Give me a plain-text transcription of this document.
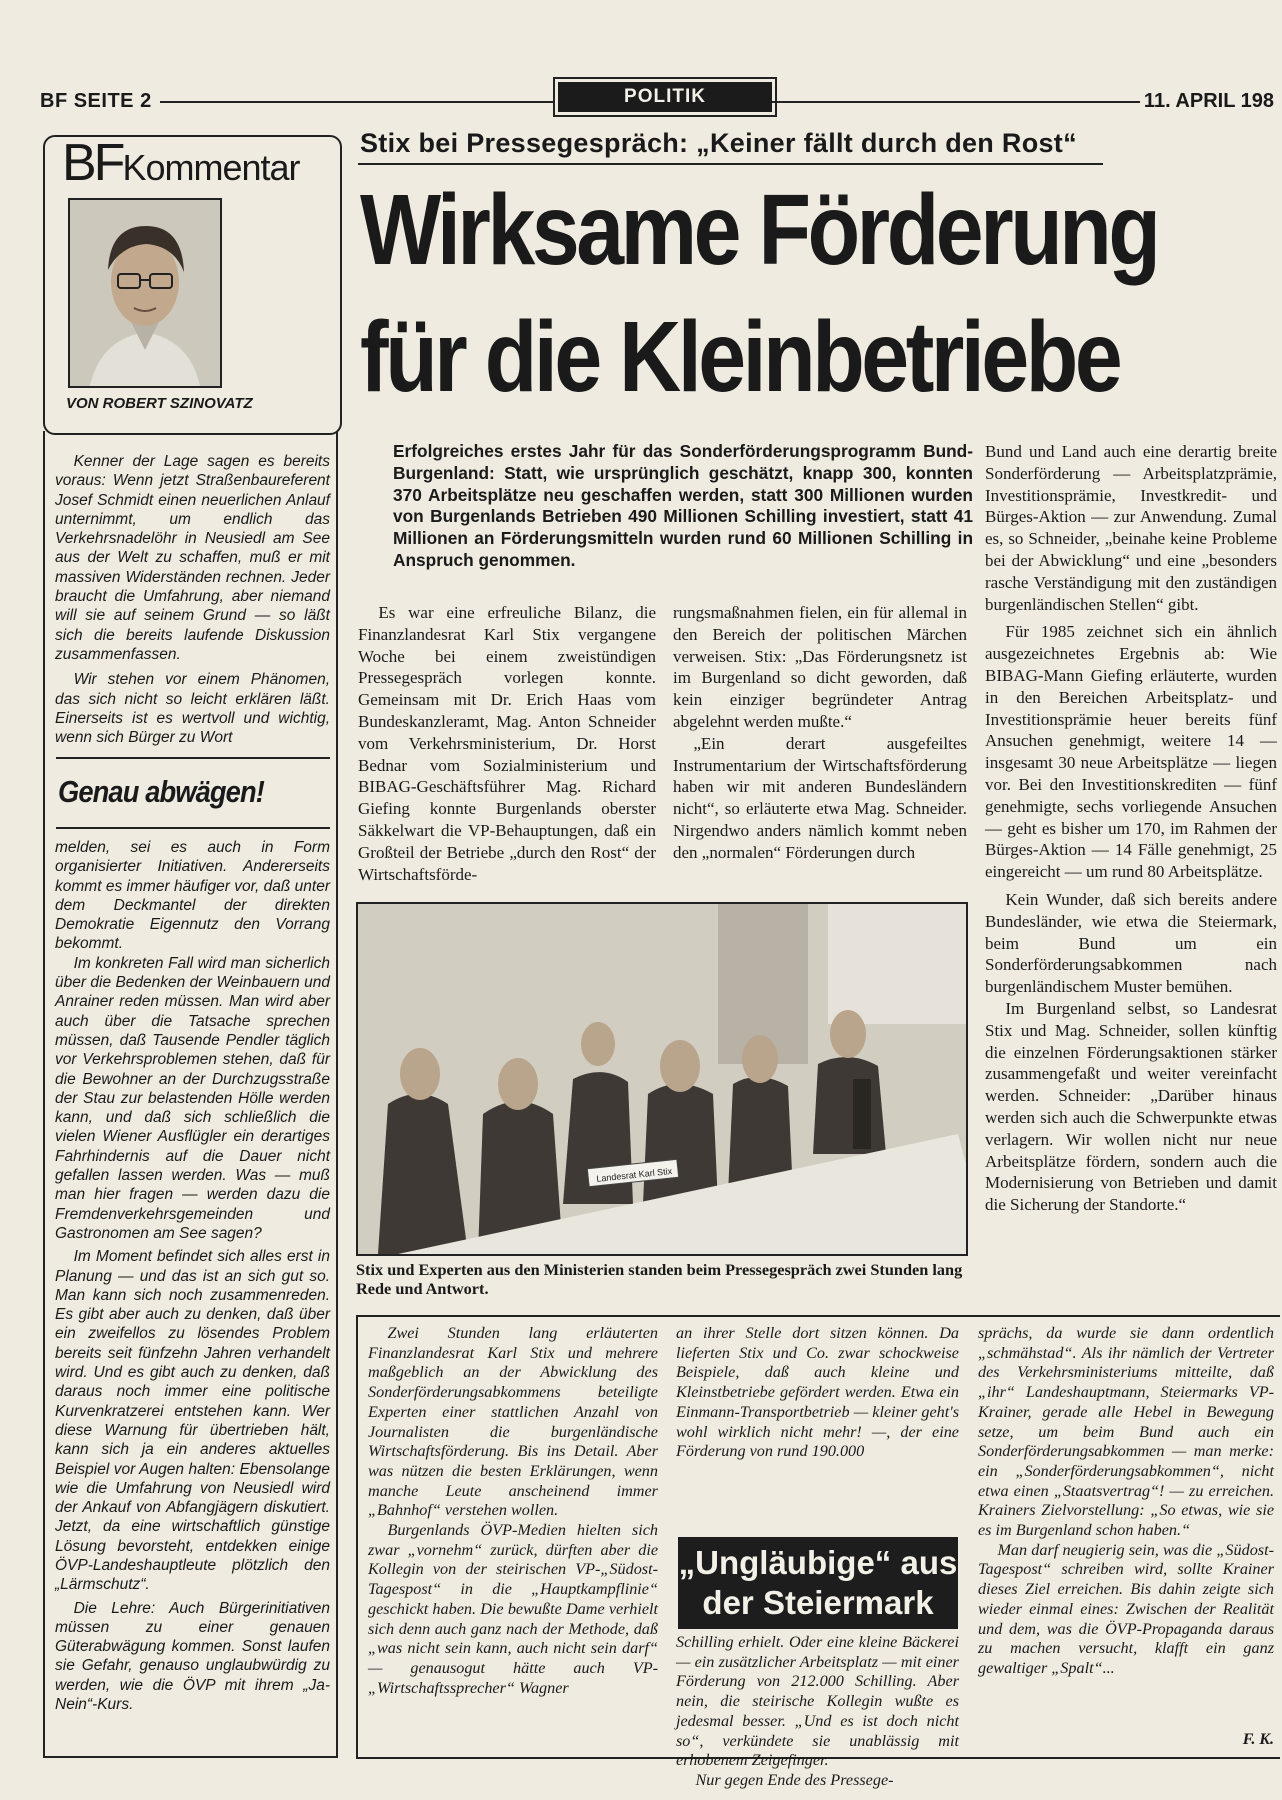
BF SEITE 2	POLITIK	11. APRIL 198
BFKommentar
VON ROBERT SZINOVATZ

Kenner der Lage sagen es bereits voraus: Wenn jetzt Straßenbaureferent Josef Schmidt einen neuerlichen Anlauf unternimmt, um endlich das Verkehrsnadelöhr in Neusiedl am See aus der Welt zu schaffen, muß er mit massiven Widerständen rechnen. Jeder braucht die Umfahrung, aber niemand will sie auf seinem Grund — so läßt sich die bereits laufende Diskussion zusammenfassen.

Wir stehen vor einem Phänomen, das sich nicht so leicht erklären läßt. Einerseits ist es wertvoll und wichtig, wenn sich Bürger zu Wort

Genau abwägen!

melden, sei es auch in Form organisierter Initiativen. Andererseits kommt es immer häufiger vor, daß unter dem Deckmantel der direkten Demokratie Eigennutz den Vorrang bekommt.

Im konkreten Fall wird man sicherlich über die Bedenken der Weinbauern und Anrainer reden müssen. Man wird aber auch über die Tatsache sprechen müssen, daß Tausende Pendler täglich vor Verkehrsproblemen stehen, daß für die Bewohner an der Durchzugsstraße der Stau zur belastenden Hölle werden kann, und daß sich schließlich die vielen Wiener Ausflügler ein derartiges Fahrhindernis auf die Dauer nicht gefallen lassen werden. Was — muß man hier fragen — werden dazu die Fremdenverkehrsgemeinden und Gastronomen am See sagen?

Im Moment befindet sich alles erst in Planung — und das ist an sich gut so. Man kann sich noch zusammenreden. Es gibt aber auch zu denken, daß über ein zweifellos zu lösendes Problem bereits seit fünfzehn Jahren verhandelt wird. Und es gibt auch zu denken, daß daraus noch immer eine politische Kurvenkratzerei entstehen kann. Wer diese Warnung für übertrieben hält, kann sich ja ein anderes aktuelles Beispiel vor Augen halten: Ebensolange wie die Umfahrung von Neusiedl wird der Ankauf von Abfangjägern diskutiert. Jetzt, da eine wirtschaftlich günstige Lösung bevorsteht, entdekken einige ÖVP-Landeshauptleute plötzlich den „Lärmschutz“.

Die Lehre: Auch Bürgerinitiativen müssen zu einer genauen Güterabwägung kommen. Sonst laufen sie Gefahr, genauso unglaubwürdig zu werden, wie die ÖVP mit ihrem „Ja-Nein“-Kurs.

Stix bei Pressegespräch: „Keiner fällt durch den Rost“
Wirksame Förderung
für die Kleinbetriebe
Erfolgreiches erstes Jahr für das Sonderförderungsprogramm Bund-Burgenland: Statt, wie ursprünglich geschätzt, knapp 300, konnten 370 Arbeitsplätze neu geschaffen werden, statt 300 Millionen wurden von Burgenlands Betrieben 490 Millionen Schilling investiert, statt 41 Millionen an Förderungsmitteln wurden rund 60 Millionen Schilling in Anspruch genommen.

Es war eine erfreuliche Bilanz, die Finanzlandesrat Karl Stix vergangene Woche bei einem zweistündigen Pressegespräch vorlegen konnte. Gemeinsam mit Dr. Erich Haas vom Bundeskanzleramt, Mag. Anton Schneider vom Verkehrsministerium, Dr. Horst Bednar vom Sozialministerium und BIBAG-Geschäftsführer Mag. Richard Giefing konnte Burgenlands oberster Säkkelwart die VP-Behauptungen, daß ein Großteil der Betriebe „durch den Rost“ der Wirtschaftsförde-

rungsmaßnahmen fielen, ein für allemal in den Bereich der politischen Märchen verweisen. Stix: „Das Förderungsnetz ist im Burgenland so dicht geworden, daß kein einziger begründeter Antrag abgelehnt werden mußte.“

„Ein derart ausgefeiltes Instrumentarium der Wirtschaftsförderung haben wir mit anderen Bundesländern nicht“, so erläuterte etwa Mag. Schneider. Nirgendwo anders nämlich kommt neben den „normalen“ Förderungen durch

Bund und Land auch eine derartig breite Sonderförderung — Arbeitsplatzprämie, Investitionsprämie, Investkredit- und Bürges-Aktion — zur Anwendung. Zumal es, so Schneider, „beinahe keine Probleme bei der Abwicklung“ und eine „besonders rasche Verständigung mit den zuständigen burgenländischen Stellen“ gibt.

Für 1985 zeichnet sich ein ähnlich ausgezeichnetes Ergebnis ab: Wie BIBAG-Mann Giefing erläuterte, wurden in den Bereichen Arbeitsplatz- und Investitionsprämie heuer bereits fünf Ansuchen genehmigt, weitere 14 — insgesamt 30 neue Arbeitsplätze — liegen vor. Bei den Investitionskrediten — fünf genehmigte, sechs vorliegende Ansuchen — geht es bisher um 170, im Rahmen der Bürges-Aktion — 14 Fälle genehmigt, 25 eingereicht — um rund 80 Arbeitsplätze.

Kein Wunder, daß sich bereits andere Bundesländer, wie etwa die Steiermark, beim Bund um ein Sonderförderungsabkommen nach burgenländischem Muster bemühen.

Im Burgenland selbst, so Landesrat Stix und Mag. Schneider, sollen künftig die einzelnen Förderungsaktionen stärker zusammengefaßt und weiter vereinfacht werden. Schneider: „Darüber hinaus werden sich auch die Schwerpunkte etwas verlagern. Wir wollen nicht nur neue Arbeitsplätze fördern, sondern auch die Modernisierung von Betrieben und damit die Sicherung der Standorte.“

Landesrat Karl Stix
Stix und Experten aus den Ministerien standen beim Pressegespräch zwei Stunden lang Rede und Antwort.

Zwei Stunden lang erläuterten Finanzlandesrat Karl Stix und mehrere maßgeblich an der Abwicklung des Sonderförderungsabkommens beteiligte Experten einer stattlichen Anzahl von Journalisten die burgenländische Wirtschaftsförderung. Bis ins Detail. Aber was nützen die besten Erklärungen, wenn manche Leute anscheinend immer „Bahnhof“ verstehen wollen.

Burgenlands ÖVP-Medien hielten sich zwar „vornehm“ zurück, dürften aber die Kollegin von der steirischen VP-„Südost-Tagespost“ in die „Hauptkampflinie“ geschickt haben. Die bewußte Dame verhielt sich denn auch ganz nach der Methode, daß „was nicht sein kann, auch nicht sein darf“ — genausogut hätte auch VP-„Wirtschaftssprecher“ Wagner

an ihrer Stelle dort sitzen können. Da lieferten Stix und Co. zwar schockweise Beispiele, daß auch kleine und Kleinstbetriebe gefördert werden. Etwa ein Einmann-Transportbetrieb — kleiner geht's wohl wirklich nicht mehr! —, der eine Förderung von rund 190.000

„Ungläubige“ aus der Steiermark

Schilling erhielt. Oder eine kleine Bäckerei — ein zusätzlicher Arbeitsplatz — mit einer Förderung von 212.000 Schilling. Aber nein, die steirische Kollegin wußte es jedesmal besser. „Und es ist doch nicht so“, verkündete sie unablässig mit erhobenem Zeigefinger.

Nur gegen Ende des Pressege-

sprächs, da wurde sie dann ordentlich „schmähstad“. Als ihr nämlich der Vertreter des Verkehrsministeriums mitteilte, daß „ihr“ Landeshauptmann, Steiermarks VP-Krainer, gerade alle Hebel in Bewegung setze, um beim Bund auch ein Sonderförderungsabkommen — man merke: ein „Sonderförderungsabkommen“, nicht etwa einen „Staatsvertrag“! — zu erreichen. Krainers Zielvorstellung: „So etwas, wie sie es im Burgenland schon haben.“

Man darf neugierig sein, was die „Südost-Tagespost“ schreiben wird, sollte Krainer dieses Ziel erreichen. Bis dahin zeigte sich wieder einmal eines: Zwischen der Realität und dem, was die ÖVP-Propaganda daraus zu machen versucht, klafft ein ganz gewaltiger „Spalt“...

F. K.
